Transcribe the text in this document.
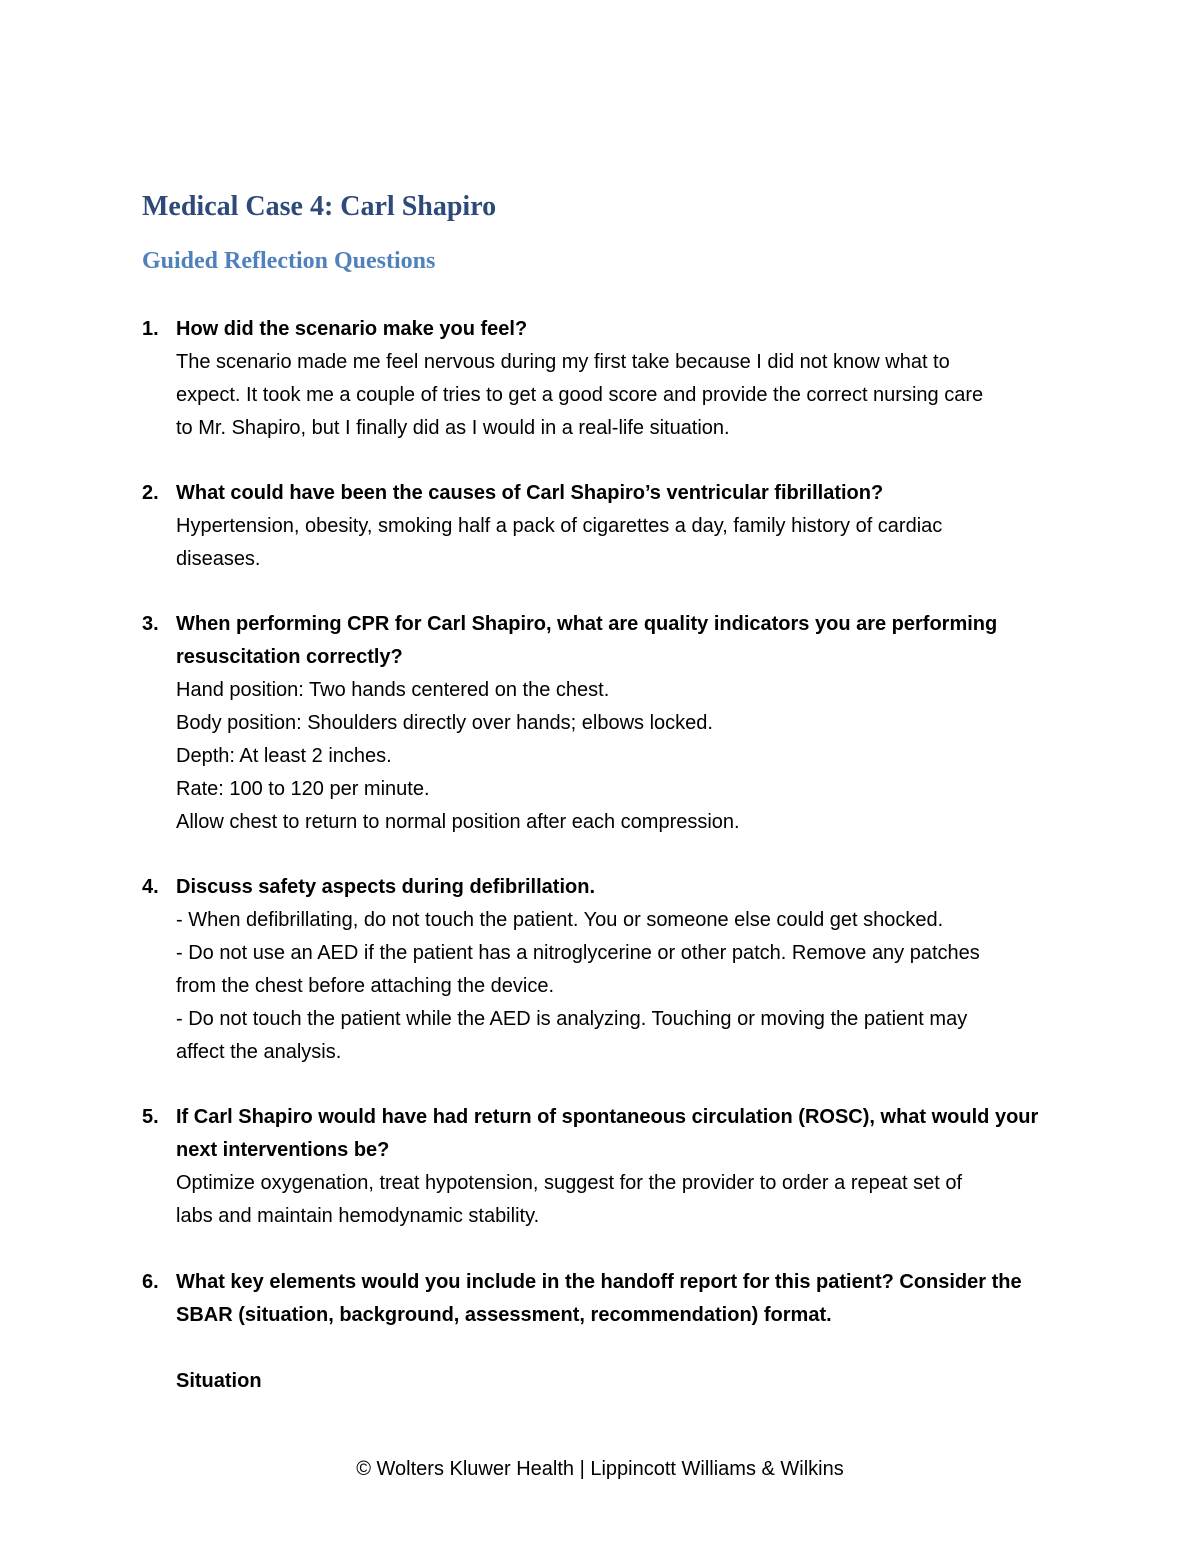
Medical Case 4: Carl Shapiro
Guided Reflection Questions
1. How did the scenario make you feel?
The scenario made me feel nervous during my first take because I did not know what to
expect. It took me a couple of tries to get a good score and provide the correct nursing care
to Mr. Shapiro, but I finally did as I would in a real-life situation.
2. What could have been the causes of Carl Shapiro’s ventricular fibrillation?
Hypertension, obesity, smoking half a pack of cigarettes a day, family history of cardiac
diseases.
3. When performing CPR for Carl Shapiro, what are quality indicators you are performing resuscitation correctly?
Hand position: Two hands centered on the chest.
Body position: Shoulders directly over hands; elbows locked.
Depth: At least 2 inches.
Rate: 100 to 120 per minute.
Allow chest to return to normal position after each compression.
4. Discuss safety aspects during defibrillation.
- When defibrillating, do not touch the patient. You or someone else could get shocked.
- Do not use an AED if the patient has a nitroglycerine or other patch. Remove any patches
from the chest before attaching the device.
- Do not touch the patient while the AED is analyzing. Touching or moving the patient may
affect the analysis.
5. If Carl Shapiro would have had return of spontaneous circulation (ROSC), what would your next interventions be?
Optimize oxygenation, treat hypotension, suggest for the provider to order a repeat set of
labs and maintain hemodynamic stability.
6. What key elements would you include in the handoff report for this patient? Consider the SBAR (situation, background, assessment, recommendation) format.
Situation
© Wolters Kluwer Health | Lippincott Williams & Wilkins
